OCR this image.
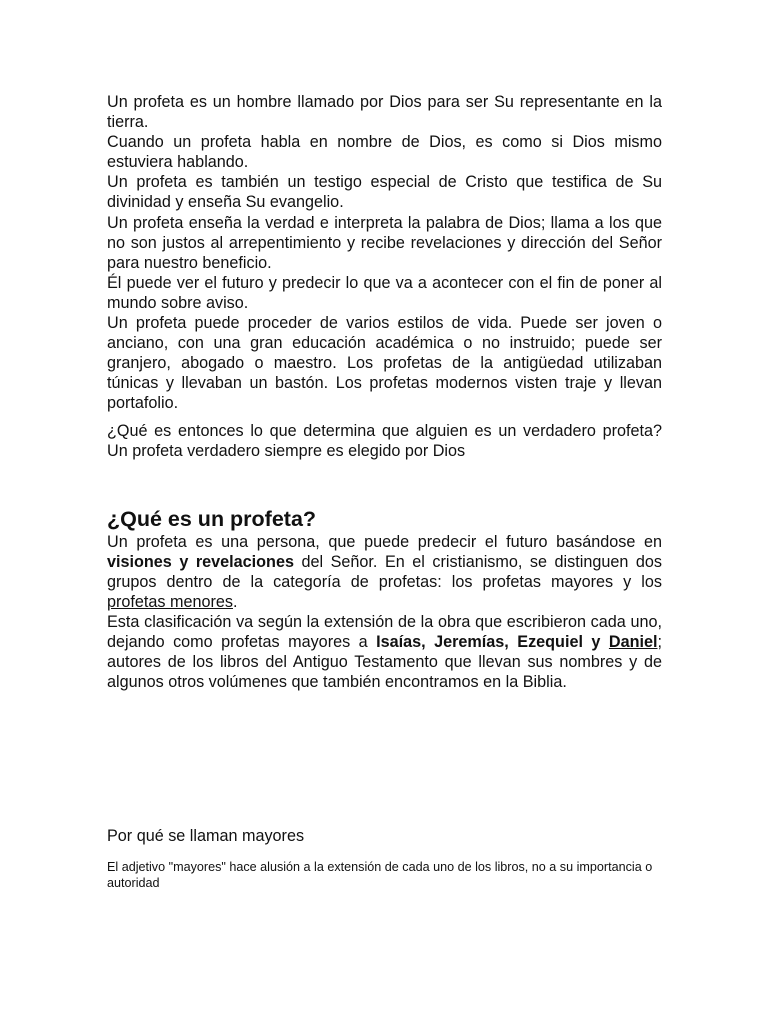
Un profeta es un hombre llamado por Dios para ser Su representante en la tierra.

Cuando un profeta habla en nombre de Dios, es como si Dios mismo estuviera hablando.

Un profeta es también un testigo especial de Cristo que testifica de Su divinidad y enseña Su evangelio.

Un profeta enseña la verdad e interpreta la palabra de Dios; llama a los que no son justos al arrepentimiento y recibe revelaciones y dirección del Señor para nuestro beneficio.

Él puede ver el futuro y predecir lo que va a acontecer con el fin de poner al mundo sobre aviso.

Un profeta puede proceder de varios estilos de vida. Puede ser joven o anciano, con una gran educación académica o no instruido; puede ser granjero, abogado o maestro. Los profetas de la antigüedad utilizaban túnicas y llevaban un bastón. Los profetas modernos visten traje y llevan portafolio.

¿Qué es entonces lo que determina que alguien es un verdadero profeta? Un profeta verdadero siempre es elegido por Dios

¿Qué es un profeta?

Un profeta es una persona, que puede predecir el futuro basándose en visiones y revelaciones del Señor. En el cristianismo, se distinguen dos grupos dentro de la categoría de profetas: los profetas mayores y los profetas menores.

Esta clasificación va según la extensión de la obra que escribieron cada uno, dejando como profetas mayores a Isaías, Jeremías, Ezequiel y Daniel; autores de los libros del Antiguo Testamento que llevan sus nombres y de algunos otros volúmenes que también encontramos en la Biblia.

Por qué se llaman mayores

El adjetivo "mayores" hace alusión a la extensión de cada uno de los libros, no a su importancia o autoridad
